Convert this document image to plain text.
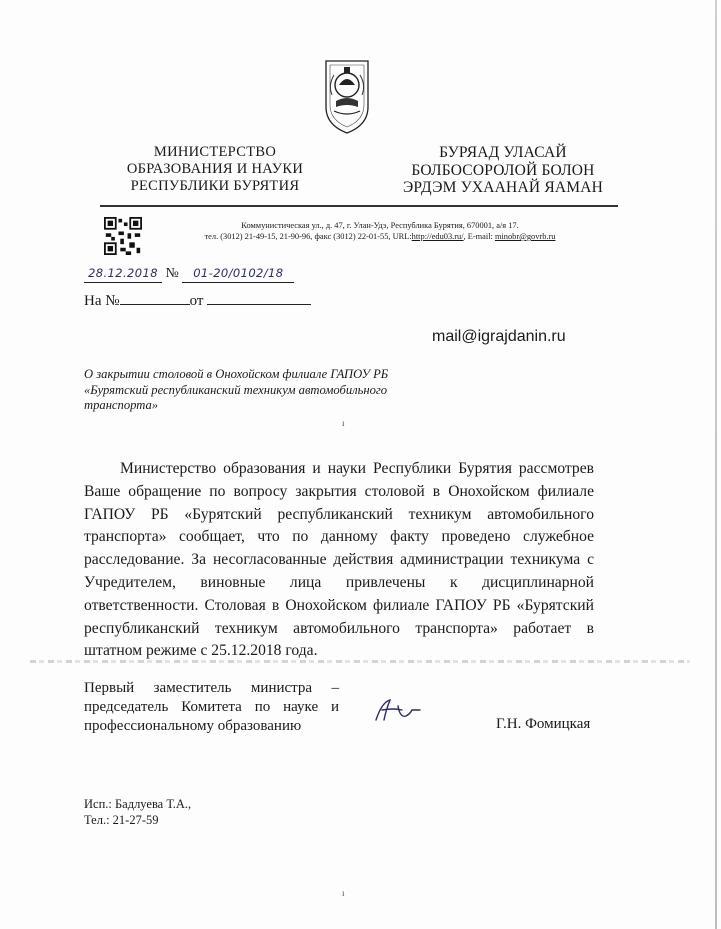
МИНИСТЕРСТВО
ОБРАЗОВАНИЯ И НАУКИ
РЕСПУБЛИКИ БУРЯТИЯ
БУРЯАД УЛАСАЙ
БОЛБОСОРОЛОЙ БОЛОН
ЭРДЭМ УХААНАЙ ЯАМАН
Коммунистическая ул., д. 47, г. Улан-Удэ, Республика Бурятия, 670001, а/я 17.
тел. (3012) 21-49-15, 21-90-96, факс (3012) 22-01-55, URL:http://edu03.ru/, E-mail: minobr@govrb.ru
28.12.2018 № 01-20/0102/18
На №	от
mail@igrajdanin.ru
О закрытии столовой в Онохойском филиале ГАПОУ РБ «Бурятский республиканский техникум автомобильного транспорта»
ı
Министерство образования и науки Республики Бурятия рассмотрев Ваше обращение по вопросу закрытия столовой в Онохойском филиале ГАПОУ РБ «Бурятский республиканский техникум автомобильного транспорта» сообщает, что по данному факту проведено служебное расследование. За несогласованные действия администрации техникума с Учредителем, виновные лица привлечены к дисциплинарной ответственности. Столовая в Онохойском филиале ГАПОУ РБ «Бурятский республиканский техникум автомобильного транспорта» работает в штатном режиме с 25.12.2018 года.
Первый заместитель министра – председатель Комитета по науке и профессиональному образованию	Г.Н. Фомицкая
Исп.: Бадлуева Т.А.,
Тел.: 21-27-59
ı
